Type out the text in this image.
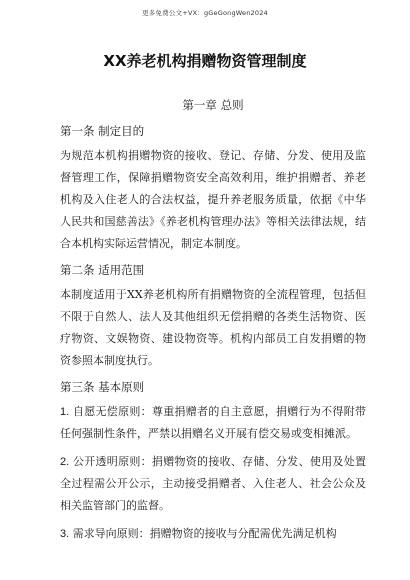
更多免费公文+VX：gGeGongWen2024
XX养老机构捐赠物资管理制度
第一章 总则
第一条 制定目的
为规范本机构捐赠物资的接收、登记、存储、分发、使用及监督管理工作，保障捐赠物资安全高效利用，维护捐赠者、养老机构及入住老人的合法权益，提升养老服务质量，依据《中华人民共和国慈善法》《养老机构管理办法》等相关法律法规，结合本机构实际运营情况，制定本制度。
第二条 适用范围
本制度适用于XX养老机构所有捐赠物资的全流程管理，包括但不限于自然人、法人及其他组织无偿捐赠的各类生活物资、医疗物资、文娱物资、建设物资等。机构内部员工自发捐赠的物资参照本制度执行。
第三条 基本原则
1. 自愿无偿原则：尊重捐赠者的自主意愿，捐赠行为不得附带任何强制性条件，严禁以捐赠名义开展有偿交易或变相摊派。
2. 公开透明原则：捐赠物资的接收、存储、分发、使用及处置全过程需公开公示，主动接受捐赠者、入住老人、社会公众及相关监管部门的监督。
3. 需求导向原则：捐赠物资的接收与分配需优先满足机构
